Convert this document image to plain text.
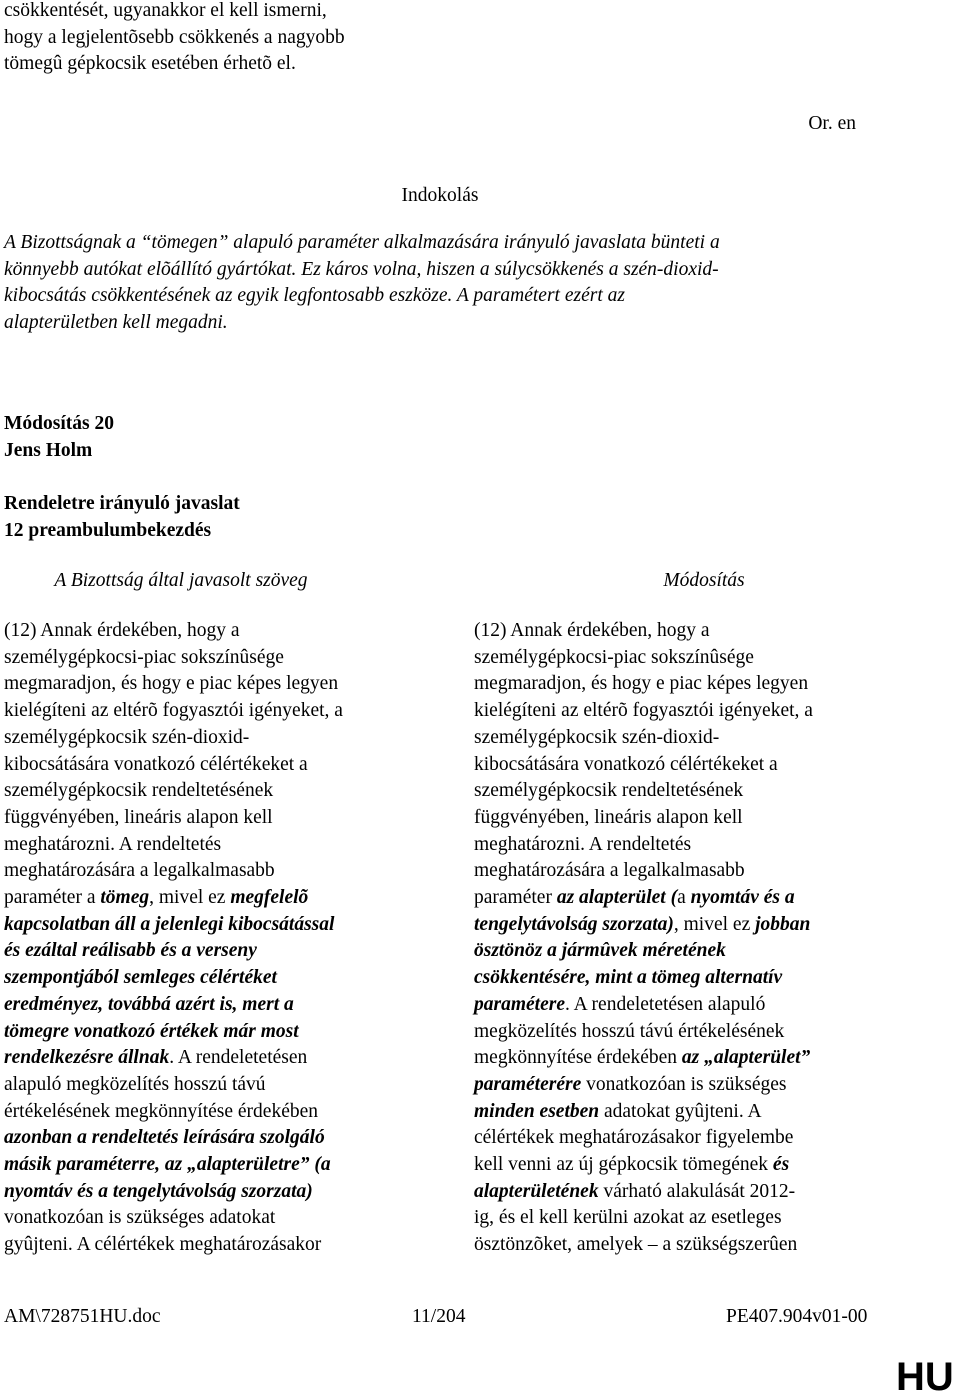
csökkentését, ugyanakkor el kell ismerni,
hogy a legjelentõsebb csökkenés a nagyobb
tömegû gépkocsik esetében érhetõ el.
Or. en
Indokolás
A Bizottságnak a “tömegen” alapuló paraméter alkalmazására irányuló javaslata bünteti a
könnyebb autókat elõállító gyártókat. Ez káros volna, hiszen a súlycsökkenés a szén-dioxid-
kibocsátás csökkentésének az egyik legfontosabb eszköze. A paramétert ezért az
alapterületben kell megadni.
Módosítás 20
Jens Holm
Rendeletre irányuló javaslat
12 preambulumbekezdés
A Bizottság által javasolt szöveg	Módosítás
(12) Annak érdekében, hogy a
személygépkocsi-piac sokszínûsége
megmaradjon, és hogy e piac képes legyen
kielégíteni az eltérõ fogyasztói igényeket, a
személygépkocsik szén-dioxid-
kibocsátására vonatkozó célértékeket a
személygépkocsik rendeltetésének
függvényében, lineáris alapon kell
meghatározni. A rendeltetés
meghatározására a legalkalmasabb
paraméter a tömeg, mivel ez megfelelõ
kapcsolatban áll a jelenlegi kibocsátással
és ezáltal reálisabb és a verseny
szempontjából semleges célértéket
eredményez, továbbá azért is, mert a
tömegre vonatkozó értékek már most
rendelkezésre állnak. A rendeletetésen
alapuló megközelítés hosszú távú
értékelésének megkönnyítése érdekében
azonban a rendeltetés leírására szolgáló
másik paraméterre, az „alapterületre” (a
nyomtáv és a tengelytávolság szorzata)
vonatkozóan is szükséges adatokat
gyûjteni. A célértékek meghatározásakor
(12) Annak érdekében, hogy a
személygépkocsi-piac sokszínûsége
megmaradjon, és hogy e piac képes legyen
kielégíteni az eltérõ fogyasztói igényeket, a
személygépkocsik szén-dioxid-
kibocsátására vonatkozó célértékeket a
személygépkocsik rendeltetésének
függvényében, lineáris alapon kell
meghatározni. A rendeltetés
meghatározására a legalkalmasabb
paraméter az alapterület (a nyomtáv és a
tengelytávolság szorzata), mivel ez jobban
ösztönöz a jármûvek méretének
csökkentésére, mint a tömeg alternatív
paramétere. A rendeletetésen alapuló
megközelítés hosszú távú értékelésének
megkönnyítése érdekében az „alapterület”
paraméterére vonatkozóan is szükséges
minden esetben adatokat gyûjteni. A
célértékek meghatározásakor figyelembe
kell venni az új gépkocsik tömegének és
alapterületének várható alakulását 2012-
ig, és el kell kerülni azokat az esetleges
ösztönzõket, amelyek – a szükségszerûen
AM\728751HU.doc	11/204	PE407.904v01-00
HU
